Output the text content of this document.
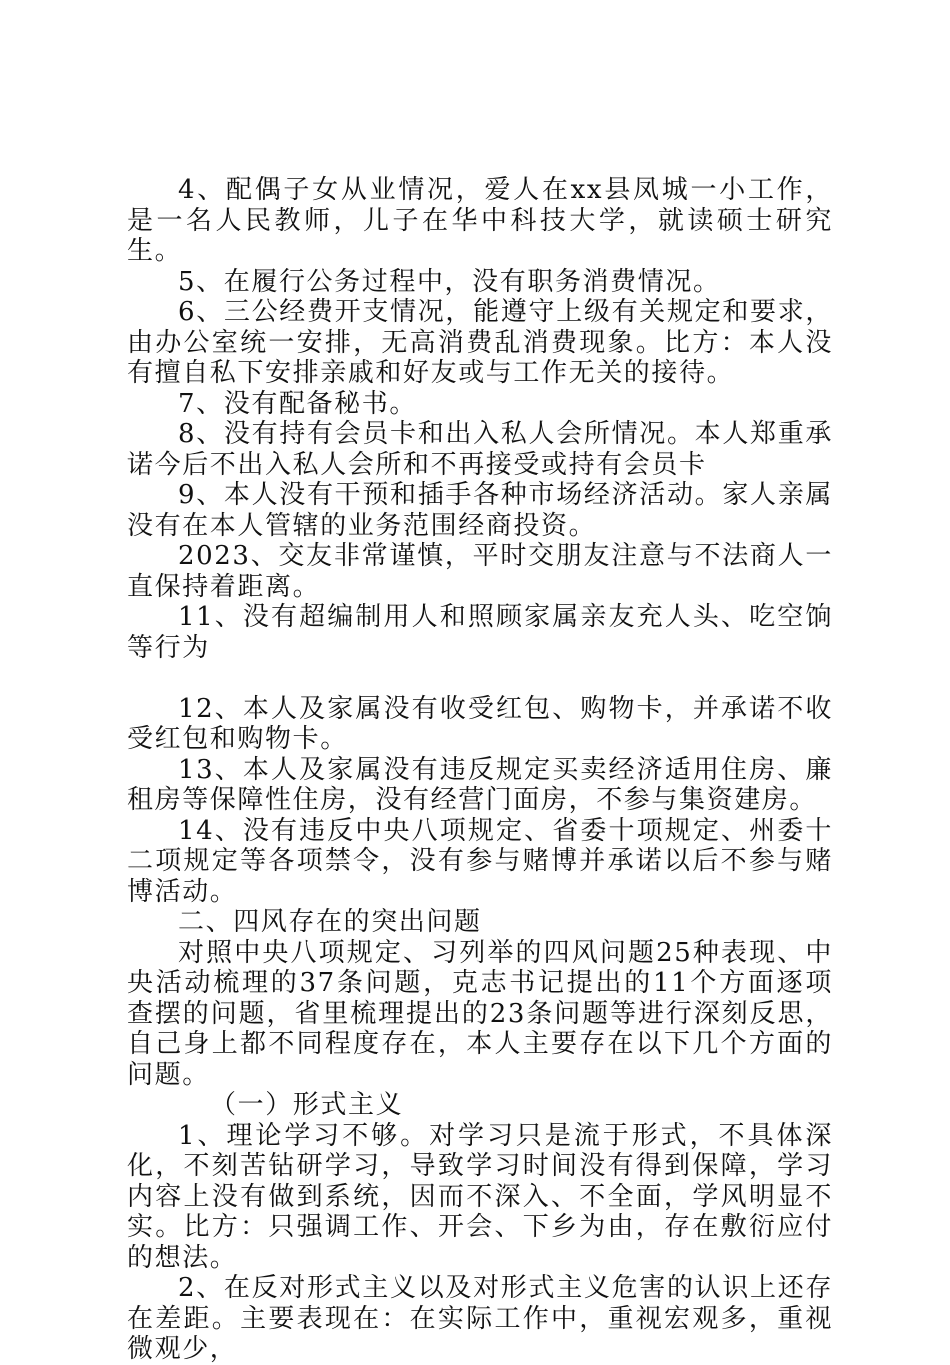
4、配偶子女从业情况，爱人在xx县凤城一小工作，是一名人民教师，儿子在华中科技大学，就读硕士研究生。

5、在履行公务过程中，没有职务消费情况。

6、三公经费开支情况，能遵守上级有关规定和要求，由办公室统一安排，无高消费乱消费现象。比方：本人没有擅自私下安排亲戚和好友或与工作无关的接待。

7、没有配备秘书。

8、没有持有会员卡和出入私人会所情况。本人郑重承诺今后不出入私人会所和不再接受或持有会员卡

9、本人没有干预和插手各种市场经济活动。家人亲属没有在本人管辖的业务范围经商投资。

2023、交友非常谨慎，平时交朋友注意与不法商人一直保持着距离。

11、没有超编制用人和照顾家属亲友充人头、吃空饷等行为

12、本人及家属没有收受红包、购物卡，并承诺不收受红包和购物卡。

13、本人及家属没有违反规定买卖经济适用住房、廉租房等保障性住房，没有经营门面房，不参与集资建房。

14、没有违反中央八项规定、省委十项规定、州委十二项规定等各项禁令，没有参与赌博并承诺以后不参与赌博活动。

二、四风存在的突出问题

对照中央八项规定、习列举的四风问题25种表现、中央活动梳理的37条问题，克志书记提出的11个方面逐项查摆的问题，省里梳理提出的23条问题等进行深刻反思，自己身上都不同程度存在，本人主要存在以下几个方面的问题。

（一）形式主义

1、理论学习不够。对学习只是流于形式，不具体深化，不刻苦钻研学习，导致学习时间没有得到保障，学习内容上没有做到系统，因而不深入、不全面，学风明显不实。比方：只强调工作、开会、下乡为由，存在敷衍应付的想法。

2、在反对形式主义以及对形式主义危害的认识上还存在差距。主要表现在：在实际工作中，重视宏观多，重视微观少，
